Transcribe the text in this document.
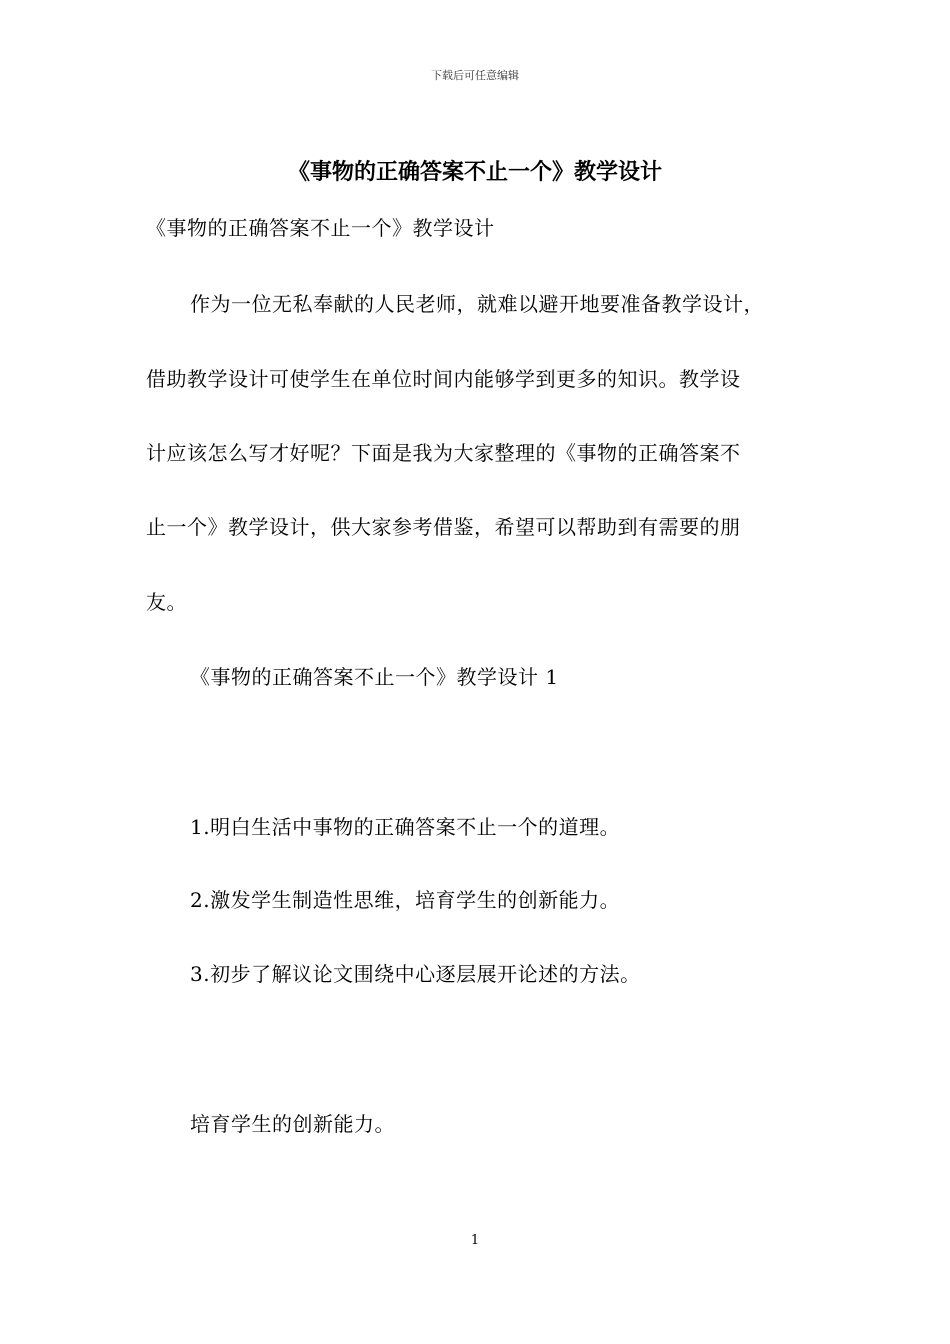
下载后可任意编辑
《事物的正确答案不止一个》教学设计
《事物的正确答案不止一个》教学设计
作为一位无私奉献的人民老师，就难以避开地要准备教学设计，
借助教学设计可使学生在单位时间内能够学到更多的知识。教学设
计应该怎么写才好呢？下面是我为大家整理的《事物的正确答案不
止一个》教学设计，供大家参考借鉴，希望可以帮助到有需要的朋
友。
《事物的正确答案不止一个》教学设计 1
1.明白生活中事物的正确答案不止一个的道理。
2.激发学生制造性思维，培育学生的创新能力。
3.初步了解议论文围绕中心逐层展开论述的方法。
培育学生的创新能力。
1
